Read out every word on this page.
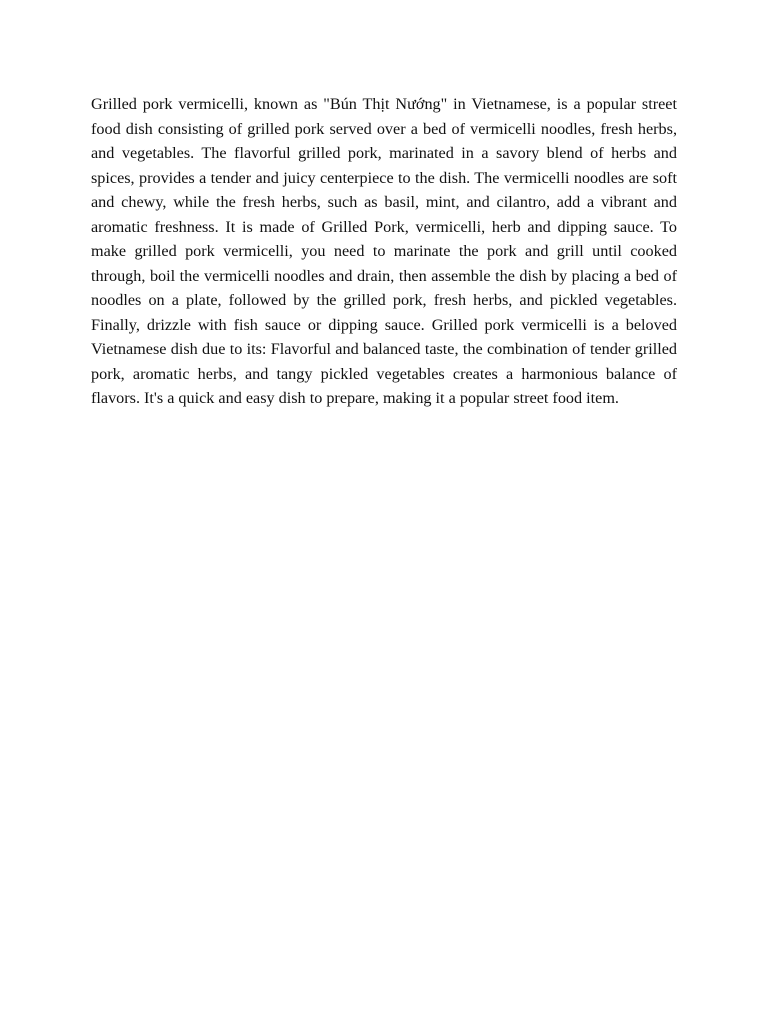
Grilled pork vermicelli, known as "Bún Thịt Nướng" in Vietnamese, is a popular street food dish consisting of grilled pork served over a bed of vermicelli noodles, fresh herbs, and vegetables. The flavorful grilled pork, marinated in a savory blend of herbs and spices, provides a tender and juicy centerpiece to the dish. The vermicelli noodles are soft and chewy, while the fresh herbs, such as basil, mint, and cilantro, add a vibrant and aromatic freshness. It is made of Grilled Pork, vermicelli, herb and dipping sauce. To make grilled pork vermicelli, you need to marinate the pork and grill until cooked through, boil the vermicelli noodles and drain, then assemble the dish by placing a bed of noodles on a plate, followed by the grilled pork, fresh herbs, and pickled vegetables. Finally, drizzle with fish sauce or dipping sauce. Grilled pork vermicelli is a beloved Vietnamese dish due to its: Flavorful and balanced taste, the combination of tender grilled pork, aromatic herbs, and tangy pickled vegetables creates a harmonious balance of flavors. It's a quick and easy dish to prepare, making it a popular street food item.
